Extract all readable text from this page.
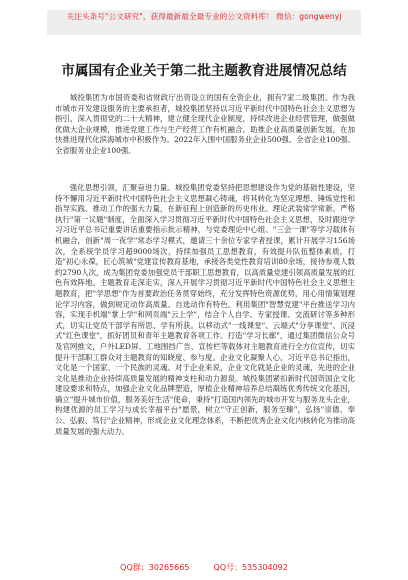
关注头条号"公文研究"，获得最新最全最专业的公文资料库！ 微信：gongwenyj
市属国有企业关于第二批主题教育进展情况总结

城投集团为市国资委和省财政厅出资设立的国有全资企业，拥有7家二级集团。作为我市城市开发建设服务的主要承担者，城投集团坚持以习近平新时代中国特色社会主义思想为指引，深入贯彻党的二十大精神，建立健全现代企业制度，持续改进企业经营管理，做强做优做大企业规模，推进党建工作与生产经营工作有机融合，助推企业高质量创新发展，在加快推进现代化滨海城市中积极作为。2022年入围中国服务业企业500强、全省企业100强、全省服务业企业100强。

强化思想引领，汇聚奋进力量。城投集团党委坚持把思想建设作为党的基础性建设，坚持不懈用习近平新时代中国特色社会主义思想凝心铸魂，将其转化为坚定理想、锤炼党性和指导实践、推动工作的强大力量，在新征程上创造新的历史伟业。理论武装常学常新。严格执行"第一议题"制度，全面深入学习贯彻习近平新时代中国特色社会主义思想，及时跟进学习习近平总书记重要讲话重要指示批示精神，与党委理论中心组、"三会一课"等学习载体有机融合，创新"周一夜学"常态学习模式，邀请三十余位专家学者授课，累计开展学习156场次，全系统学员学习超9000场次，持续加强员工思想教育，有效提升队伍整体素质。打造"初心永葆，匠心筑城"党建宣传教育基地，承接各类党性教育培训80余场，接待参观人数约2790人次，成为集团党委加强党员干部职工思想教育，以高质量党建引领高质量发展的红色有效阵地。主题教育走深走实，深入开展学习贯彻习近平新时代中国特色社会主义思想主题教育，把"学思想"作为首要政治任务贯穿始终，充分发挥特色资源优势，用心用情策划理论学习内容，做到规定动作高质量、自选动作有特色。利用集团"智慧党建"平台推送学习内容，实现手机端"掌上学"和网页端"云上学"，结合个人自学、专家授课、交流研讨等多种形式，切实让党员干部学有所思、学有所获。以移动式"一线课堂"、云端式"分享课堂"、沉浸式"红色课堂"，抓好团员和青年主题教育各项工作。打造"学习长廊"，通过集团微信公众号及官网推文，户外LED屏、工地围挡广告、宣传栏等载体对主题教育进行全方位宣传，切实提升干部职工群众对主题教育的知晓度、参与度。企业文化凝聚人心。习近平总书记指出，文化是一个国家、一个民族的灵魂。对于企业来说，企业文化就是企业的灵魂，先进的企业文化是推动企业持续高质量发展的精神支柱和动力源泉。城投集团紧扣新时代国资国企文化建设要求和特点，加强企业文化品牌塑造，厚植企业精神培养总结凝练优秀传统文化基因，确立"提升城市价值，服务美好生活"使命，秉持"打造国内领先的城市开发与服务龙头企业，构建优源的员工学习与成长幸福平台"愿景，树立"守正创新，服务至臻"，弘扬"崇德、奉公、弘毅、笃行"企业精神，形成企业文化理念体系，不断把优秀企业文化内核转化为推动高质量发展的强大动力。

QQ群：30265665	QQ号：535304092
